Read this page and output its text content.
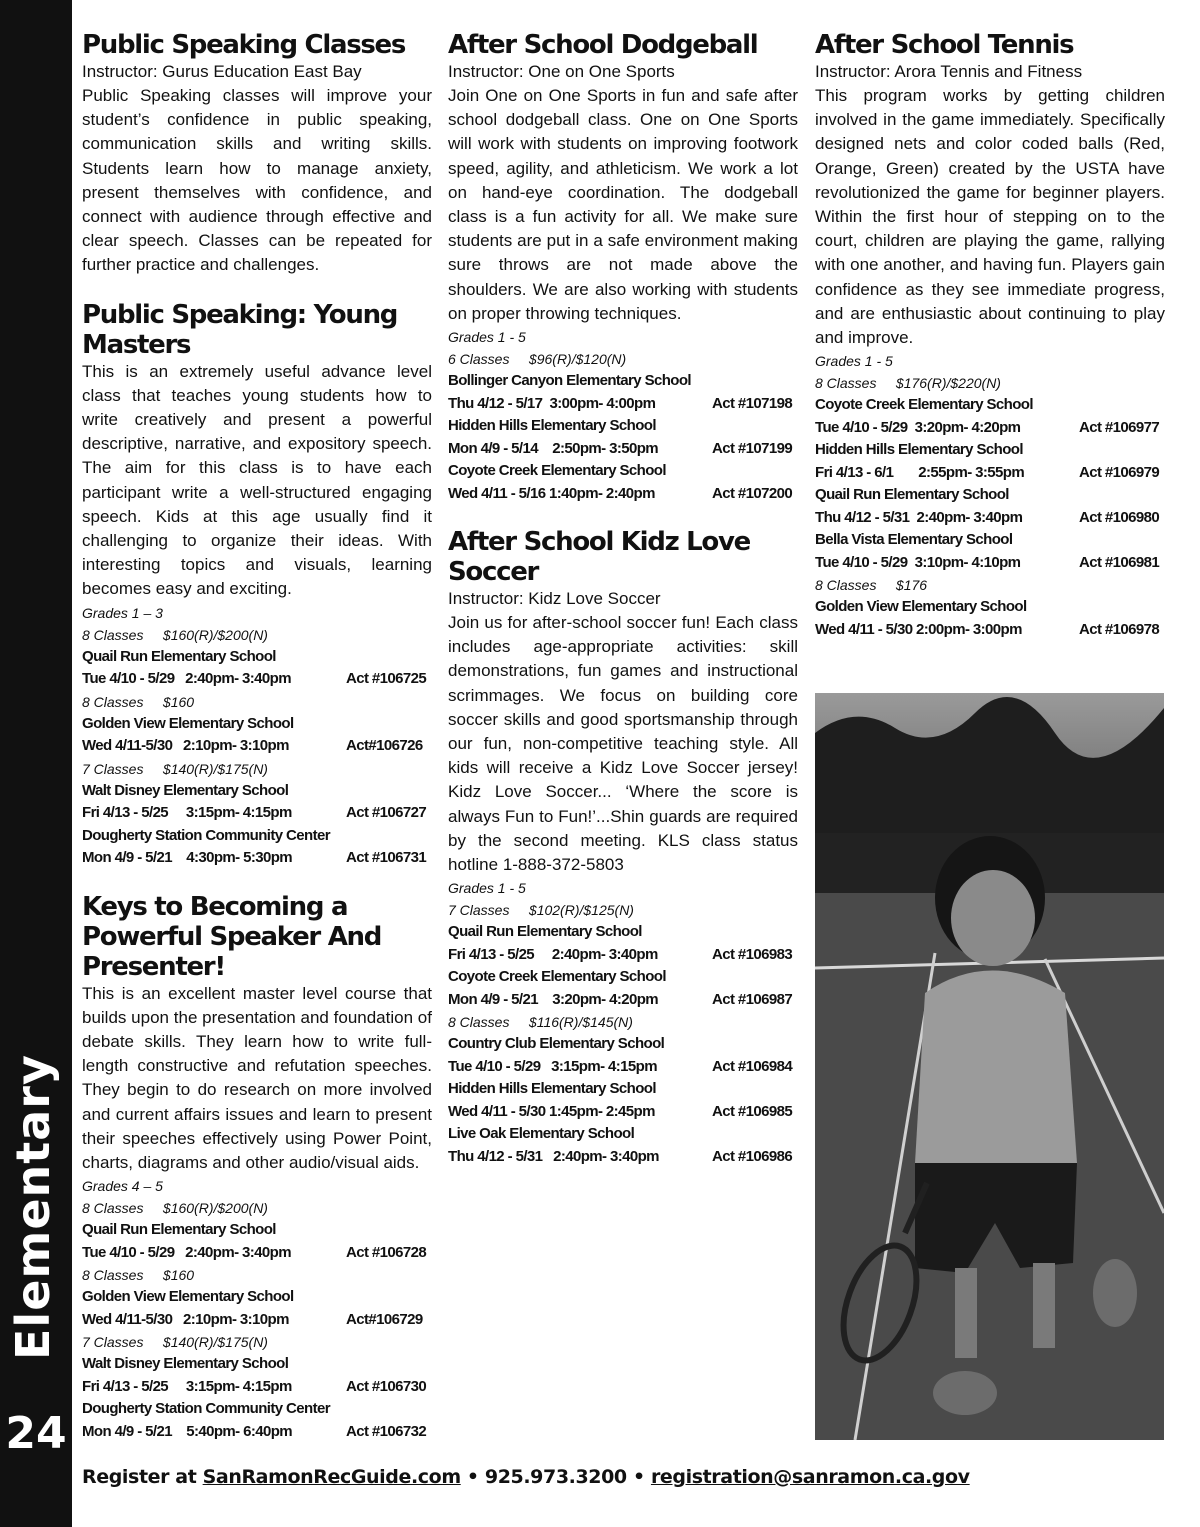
Elementary
24
Public Speaking Classes
Instructor: Gurus Education East Bay
Public Speaking classes will improve your student’s confidence in public speaking, communication skills and writing skills. Students learn how to manage anxiety, present themselves with confidence, and connect with audience through effective and clear speech. Classes can be repeated for further practice and challenges.
Public Speaking: Young Masters
This is an extremely useful advance level class that teaches young students how to write creatively and present a powerful descriptive, narrative, and expository speech. The aim for this class is to have each participant write a well-structured engaging speech. Kids at this age usually find it challenging to organize their ideas. With interesting topics and visuals, learning becomes easy and exciting.
Grades 1 – 3
8 Classes     $160(R)/$200(N)
Quail Run Elementary School
Tue 4/10 - 5/29   2:40pm- 3:40pm	Act #106725
8 Classes     $160
Golden View Elementary School
Wed 4/11-5/30   2:10pm- 3:10pm	Act#106726
7 Classes     $140(R)/$175(N)
Walt Disney Elementary School
Fri 4/13 - 5/25     3:15pm- 4:15pm	Act #106727
Dougherty Station Community Center
Mon 4/9 - 5/21    4:30pm- 5:30pm	Act #106731
Keys to Becoming a Powerful Speaker And Presenter!
This is an excellent master level course that builds upon the presentation and foundation of debate skills. They learn how to write full-length constructive and refutation speeches. They begin to do research on more involved and current affairs issues and learn to present their speeches effectively using Power Point, charts, diagrams and other audio/visual aids.
Grades 4 – 5
8 Classes     $160(R)/$200(N)
Quail Run Elementary School
Tue 4/10 - 5/29   2:40pm- 3:40pm	Act #106728
8 Classes     $160
Golden View Elementary School
Wed 4/11-5/30   2:10pm- 3:10pm	Act#106729
7 Classes     $140(R)/$175(N)
Walt Disney Elementary School
Fri 4/13 - 5/25     3:15pm- 4:15pm	Act #106730
Dougherty Station Community Center
Mon 4/9 - 5/21    5:40pm- 6:40pm	Act #106732
After School Dodgeball
Instructor: One on One Sports
Join One on One Sports in fun and safe after school dodgeball class. One on One Sports will work with students on improving footwork speed, agility, and athleticism. We work a lot on hand-eye coordination. The dodgeball class is a fun activity for all. We make sure students are put in a safe environment making sure throws are not made above the shoulders. We are also working with students on proper throwing techniques.
Grades 1 - 5
6 Classes     $96(R)/$120(N)
Bollinger Canyon Elementary School
Thu 4/12 - 5/17  3:00pm- 4:00pm	Act #107198
Hidden Hills Elementary School
Mon 4/9 - 5/14    2:50pm- 3:50pm	Act #107199
Coyote Creek Elementary School
Wed 4/11 - 5/16 1:40pm- 2:40pm	Act #107200
After School Kidz Love Soccer
Instructor: Kidz Love Soccer
Join us for after-school soccer fun! Each class includes age-appropriate activities: skill demonstrations, fun games and instructional scrimmages. We focus on building core soccer skills and good sportsmanship through our fun, non-competitive teaching style. All kids will receive a Kidz Love Soccer jersey! Kidz Love Soccer... ‘Where the score is always Fun to Fun!’...Shin guards are required by the second meeting. KLS class status hotline 1-888-372-5803
Grades 1 - 5
7 Classes     $102(R)/$125(N)
Quail Run Elementary School
Fri 4/13 - 5/25     2:40pm- 3:40pm	Act #106983
Coyote Creek Elementary School
Mon 4/9 - 5/21    3:20pm- 4:20pm	Act #106987
8 Classes     $116(R)/$145(N)
Country Club Elementary School
Tue 4/10 - 5/29   3:15pm- 4:15pm	Act #106984
Hidden Hills Elementary School
Wed 4/11 - 5/30 1:45pm- 2:45pm	Act #106985
Live Oak Elementary School
Thu 4/12 - 5/31   2:40pm- 3:40pm	Act #106986
After School Tennis
Instructor: Arora Tennis and Fitness
This program works by getting children involved in the game immediately. Specifically designed nets and color coded balls (Red, Orange, Green) created by the USTA have revolutionized the game for beginner players. Within the first hour of stepping on to the court, children are playing the game, rallying with one another, and having fun. Players gain confidence as they see immediate progress, and are enthusiastic about continuing to play and improve.
Grades 1 - 5
8 Classes     $176(R)/$220(N)
Coyote Creek Elementary School
Tue 4/10 - 5/29  3:20pm- 4:20pm	Act #106977
Hidden Hills Elementary School
Fri 4/13 - 6/1       2:55pm- 3:55pm	Act #106979
Quail Run Elementary School
Thu 4/12 - 5/31  2:40pm- 3:40pm	Act #106980
Bella Vista Elementary School
Tue 4/10 - 5/29  3:10pm- 4:10pm	Act #106981
8 Classes     $176
Golden View Elementary School
Wed 4/11 - 5/30 2:00pm- 3:00pm	Act #106978
Register at SanRamonRecGuide.com • 925.973.3200 • registration@sanramon.ca.gov
